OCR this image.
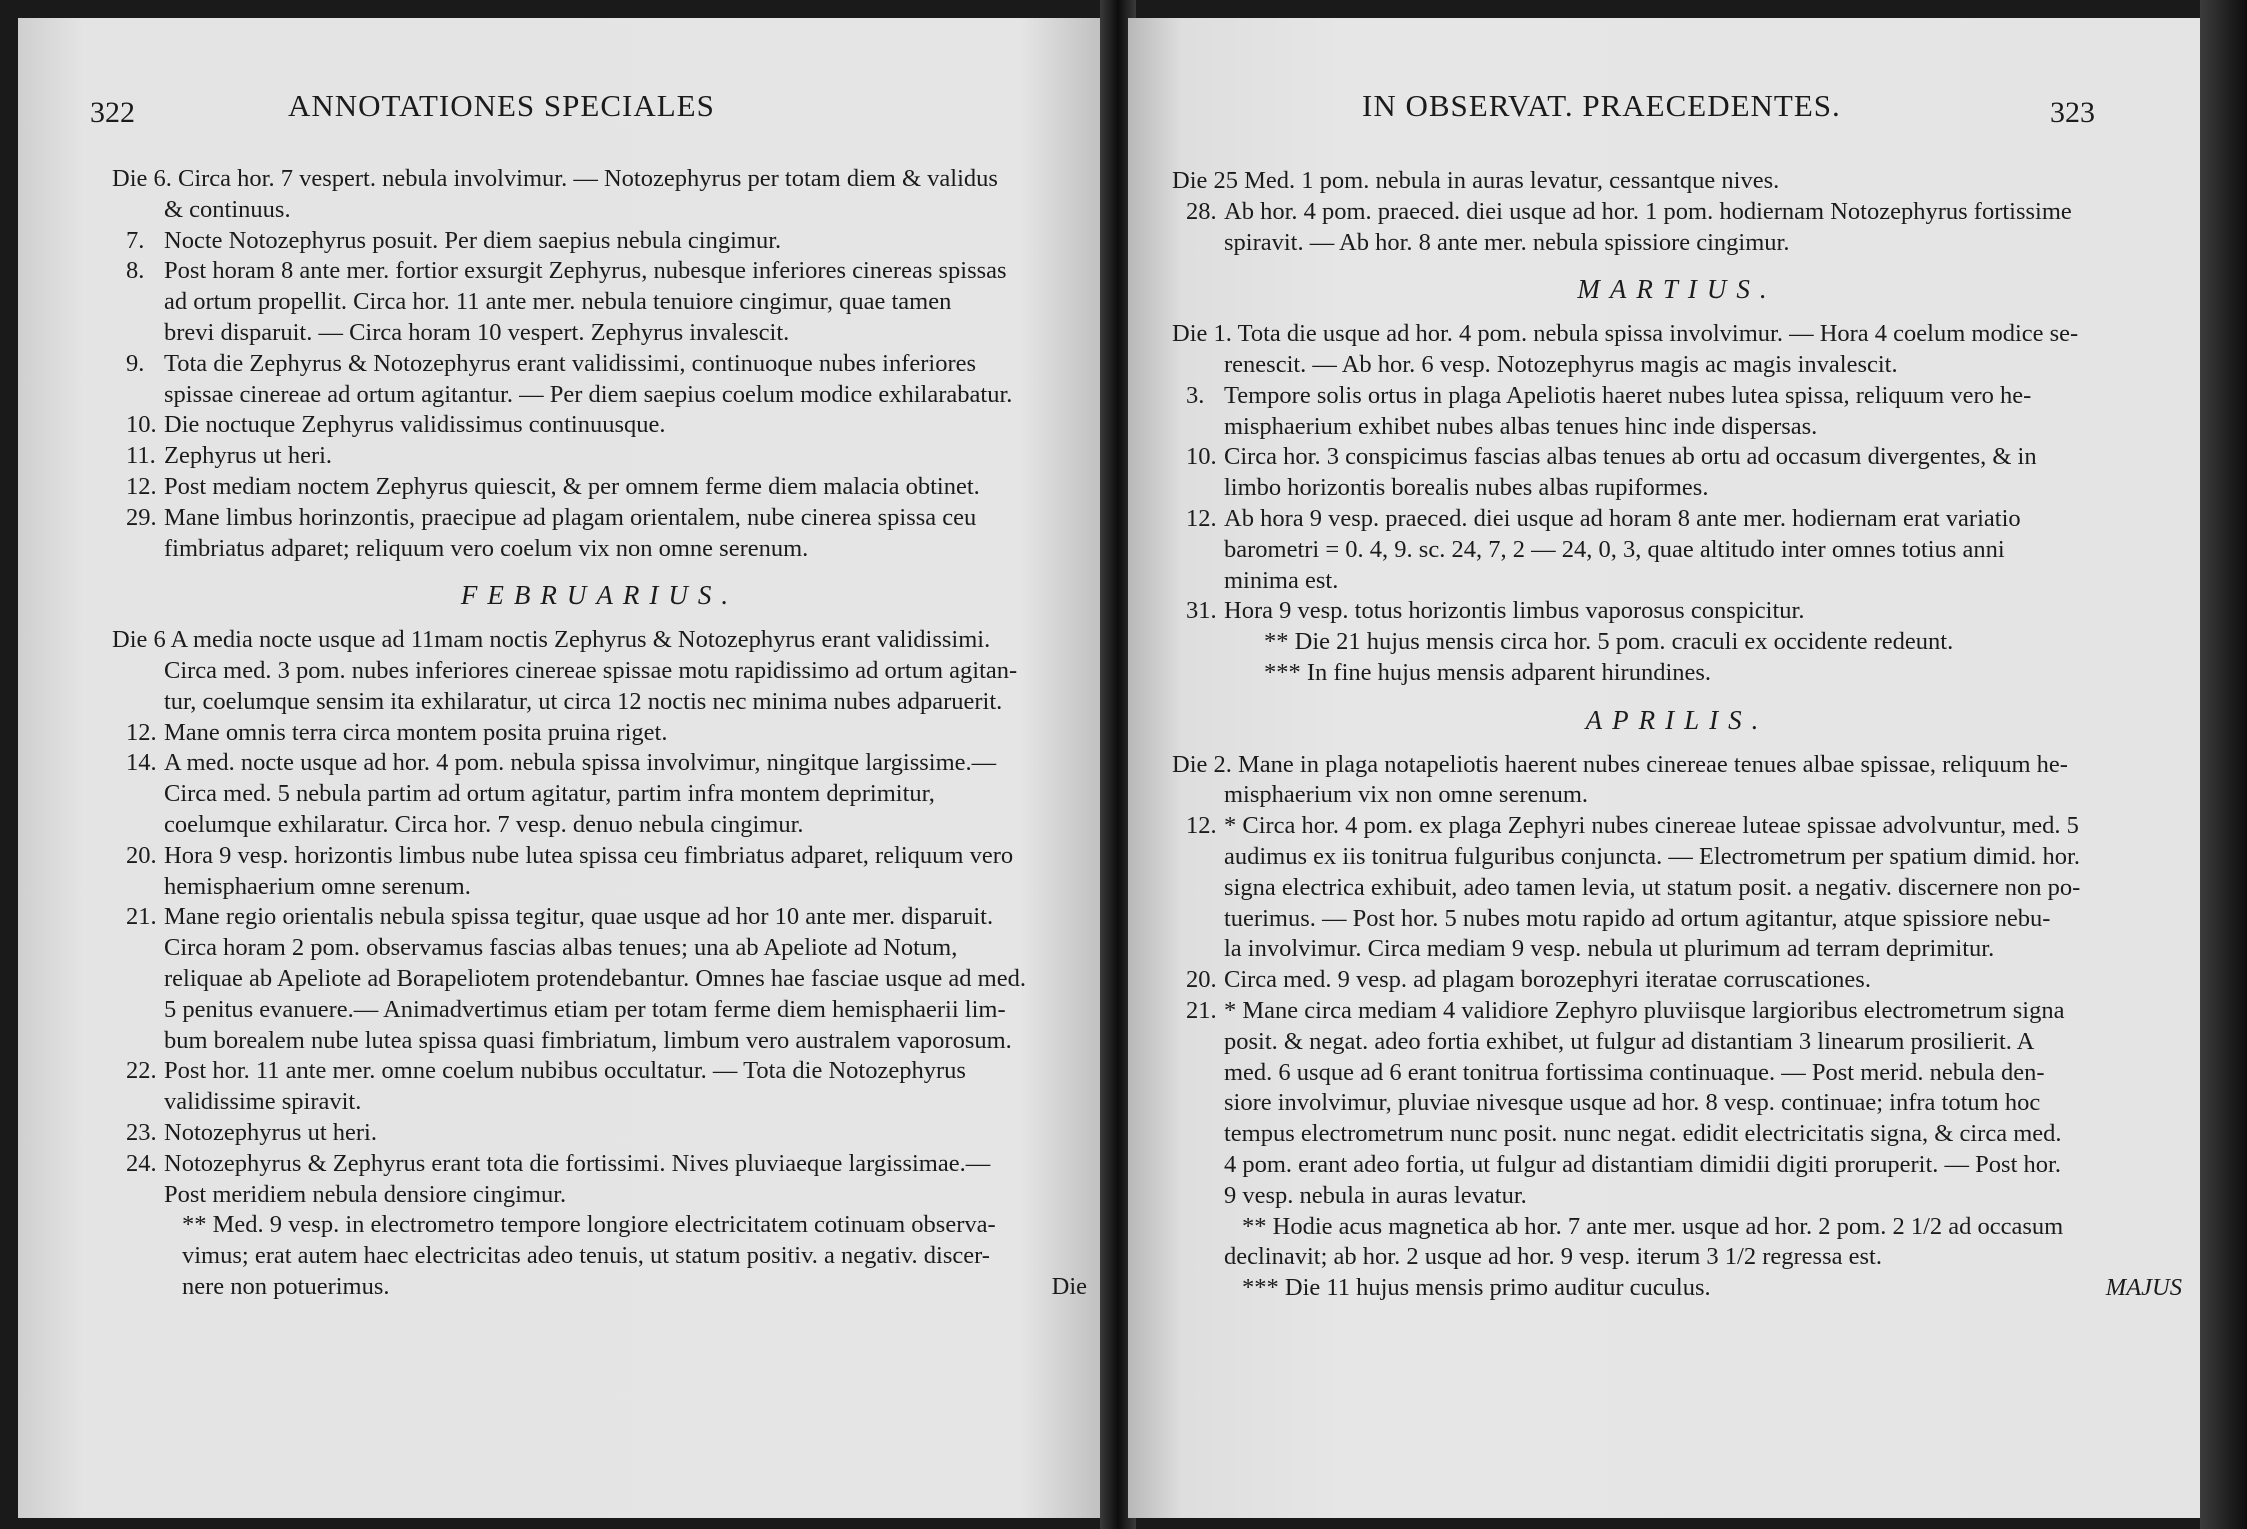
322	ANNOTATIONES SPECIALES
Die 6. Circa hor. 7 vespert. nebula involvimur. — Notozephyrus per totam diem & validus
& continuus.
7. Nocte Notozephyrus posuit. Per diem saepius nebula cingimur.
8. Post horam 8 ante mer. fortior exsurgit Zephyrus, nubesque inferiores cinereas spissas
ad ortum propellit. Circa hor. 11 ante mer. nebula tenuiore cingimur, quae tamen
brevi disparuit. — Circa horam 10 vespert. Zephyrus invalescit.
9. Tota die Zephyrus & Notozephyrus erant validissimi, continuoque nubes inferiores
spissae cinereae ad ortum agitantur. — Per diem saepius coelum modice exhilarabatur.
10. Die noctuque Zephyrus validissimus continuusque.
11. Zephyrus ut heri.
12. Post mediam noctem Zephyrus quiescit, & per omnem ferme diem malacia obtinet.
29. Mane limbus horinzontis, praecipue ad plagam orientalem, nube cinerea spissa ceu
fimbriatus adparet; reliquum vero coelum vix non omne serenum.
FEBRUARIUS.
Die 6 A media nocte usque ad 11mam noctis Zephyrus & Notozephyrus erant validissimi.
Circa med. 3 pom. nubes inferiores cinereae spissae motu rapidissimo ad ortum agitan-
tur, coelumque sensim ita exhilaratur, ut circa 12 noctis nec minima nubes adparuerit.
12. Mane omnis terra circa montem posita pruina riget.
14. A med. nocte usque ad hor. 4 pom. nebula spissa involvimur, ningitque largissime.—
Circa med. 5 nebula partim ad ortum agitatur, partim infra montem deprimitur,
coelumque exhilaratur. Circa hor. 7 vesp. denuo nebula cingimur.
20. Hora 9 vesp. horizontis limbus nube lutea spissa ceu fimbriatus adparet, reliquum vero
hemisphaerium omne serenum.
21. Mane regio orientalis nebula spissa tegitur, quae usque ad hor 10 ante mer. disparuit.
Circa horam 2 pom. observamus fascias albas tenues; una ab Apeliote ad Notum,
reliquae ab Apeliote ad Borapeliotem protendebantur. Omnes hae fasciae usque ad med.
5 penitus evanuere.— Animadvertimus etiam per totam ferme diem hemisphaerii lim-
bum borealem nube lutea spissa quasi fimbriatum, limbum vero australem vaporosum.
22. Post hor. 11 ante mer. omne coelum nubibus occultatur. — Tota die Notozephyrus
validissime spiravit.
23. Notozephyrus ut heri.
24. Notozephyrus & Zephyrus erant tota die fortissimi. Nives pluviaeque largissimae.—
Post meridiem nebula densiore cingimur.
** Med. 9 vesp. in electrometro tempore longiore electricitatem cotinuam observa-
vimus; erat autem haec electricitas adeo tenuis, ut statum positiv. a negativ. discer-
nere non potuerimus.	Die
IN OBSERVAT. PRAECEDENTES.	323
Die 25 Med. 1 pom. nebula in auras levatur, cessantque nives.
28. Ab hor. 4 pom. praeced. diei usque ad hor. 1 pom. hodiernam Notozephyrus fortissime
spiravit. — Ab hor. 8 ante mer. nebula spissiore cingimur.
MARTIUS.
Die 1. Tota die usque ad hor. 4 pom. nebula spissa involvimur. — Hora 4 coelum modice se-
renescit. — Ab hor. 6 vesp. Notozephyrus magis ac magis invalescit.
3. Tempore solis ortus in plaga Apeliotis haeret nubes lutea spissa, reliquum vero he-
misphaerium exhibet nubes albas tenues hinc inde dispersas.
10. Circa hor. 3 conspicimus fascias albas tenues ab ortu ad occasum divergentes, & in
limbo horizontis borealis nubes albas rupiformes.
12. Ab hora 9 vesp. praeced. diei usque ad horam 8 ante mer. hodiernam erat variatio
barometri = 0. 4, 9. sc. 24, 7, 2 — 24, 0, 3, quae altitudo inter omnes totius anni
minima est.
31. Hora 9 vesp. totus horizontis limbus vaporosus conspicitur.
** Die 21 hujus mensis circa hor. 5 pom. craculi ex occidente redeunt.
*** In fine hujus mensis adparent hirundines.
APRILIS.
Die 2. Mane in plaga notapeliotis haerent nubes cinereae tenues albae spissae, reliquum he-
misphaerium vix non omne serenum.
12. * Circa hor. 4 pom. ex plaga Zephyri nubes cinereae luteae spissae advolvuntur, med. 5
audimus ex iis tonitrua fulguribus conjuncta. — Electrometrum per spatium dimid. hor.
signa electrica exhibuit, adeo tamen levia, ut statum posit. a negativ. discernere non po-
tuerimus. — Post hor. 5 nubes motu rapido ad ortum agitantur, atque spissiore nebu-
la involvimur. Circa mediam 9 vesp. nebula ut plurimum ad terram deprimitur.
20. Circa med. 9 vesp. ad plagam borozephyri iteratae corruscationes.
21. * Mane circa mediam 4 validiore Zephyro pluviisque largioribus electrometrum signa
posit. & negat. adeo fortia exhibet, ut fulgur ad distantiam 3 linearum prosilierit. A
med. 6 usque ad 6 erant tonitrua fortissima continuaque. — Post merid. nebula den-
siore involvimur, pluviae nivesque usque ad hor. 8 vesp. continuae; infra totum hoc
tempus electrometrum nunc posit. nunc negat. edidit electricitatis signa, & circa med.
4 pom. erant adeo fortia, ut fulgur ad distantiam dimidii digiti proruperit. — Post hor.
9 vesp. nebula in auras levatur.
** Hodie acus magnetica ab hor. 7 ante mer. usque ad hor. 2 pom. 2 1/2 ad occasum
declinavit; ab hor. 2 usque ad hor. 9 vesp. iterum 3 1/2 regressa est.
*** Die 11 hujus mensis primo auditur cuculus.	MAJUS
